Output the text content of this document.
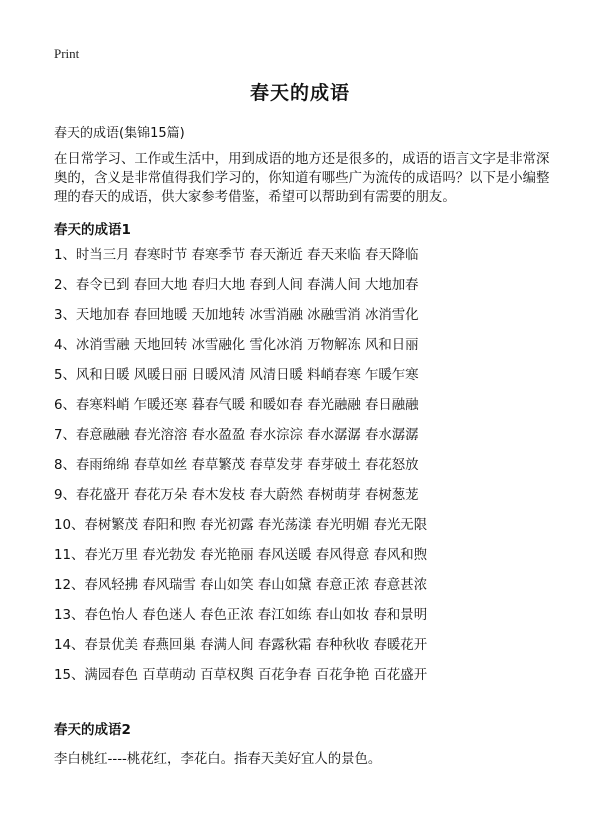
Print
春天的成语
春天的成语(集锦15篇)

在日常学习、工作或生活中，用到成语的地方还是很多的，成语的语言文字是非常深奥的，含义是非常值得我们学习的，你知道有哪些广为流传的成语吗？以下是小编整理的春天的成语，供大家参考借鉴，希望可以帮助到有需要的朋友。

春天的成语1
1、时当三月 春寒时节 春寒季节 春天渐近 春天来临 春天降临
2、春令已到 春回大地 春归大地 春到人间 春满人间 大地加春
3、天地加春 春回地暖 天加地转 冰雪消融 冰融雪消 冰消雪化
4、冰消雪融 天地回转 冰雪融化 雪化冰消 万物解冻 风和日丽
5、风和日暖 风暖日丽 日暖风清 风清日暖 料峭春寒 乍暖乍寒
6、春寒料峭 乍暖还寒 暮春气暖 和暖如春 春光融融 春日融融
7、春意融融 春光溶溶 春水盈盈 春水淙淙 春水潺潺 春水潺潺
8、春雨绵绵 春草如丝 春草繁茂 春草发芽 春芽破土 春花怒放
9、春花盛开 春花万朵 春木发枝 春大蔚然 春树萌芽 春树葱茏
10、春树繁茂 春阳和煦 春光初露 春光荡漾 春光明媚 春光无限
11、春光万里 春光勃发 春光艳丽 春风送暖 春风得意 春风和煦
12、春风轻拂 春风瑞雪 春山如笑 春山如黛 春意正浓 春意甚浓
13、春色怡人 春色迷人 春色正浓 春江如练 春山如妆 春和景明
14、春景优美 春燕回巢 春满人间 春露秋霜 春种秋收 春暖花开
15、满园春色 百草萌动 百草权舆 百花争春 百花争艳 百花盛开
春天的成语2

李白桃红----桃花红，李花白。指春天美好宜人的景色。
